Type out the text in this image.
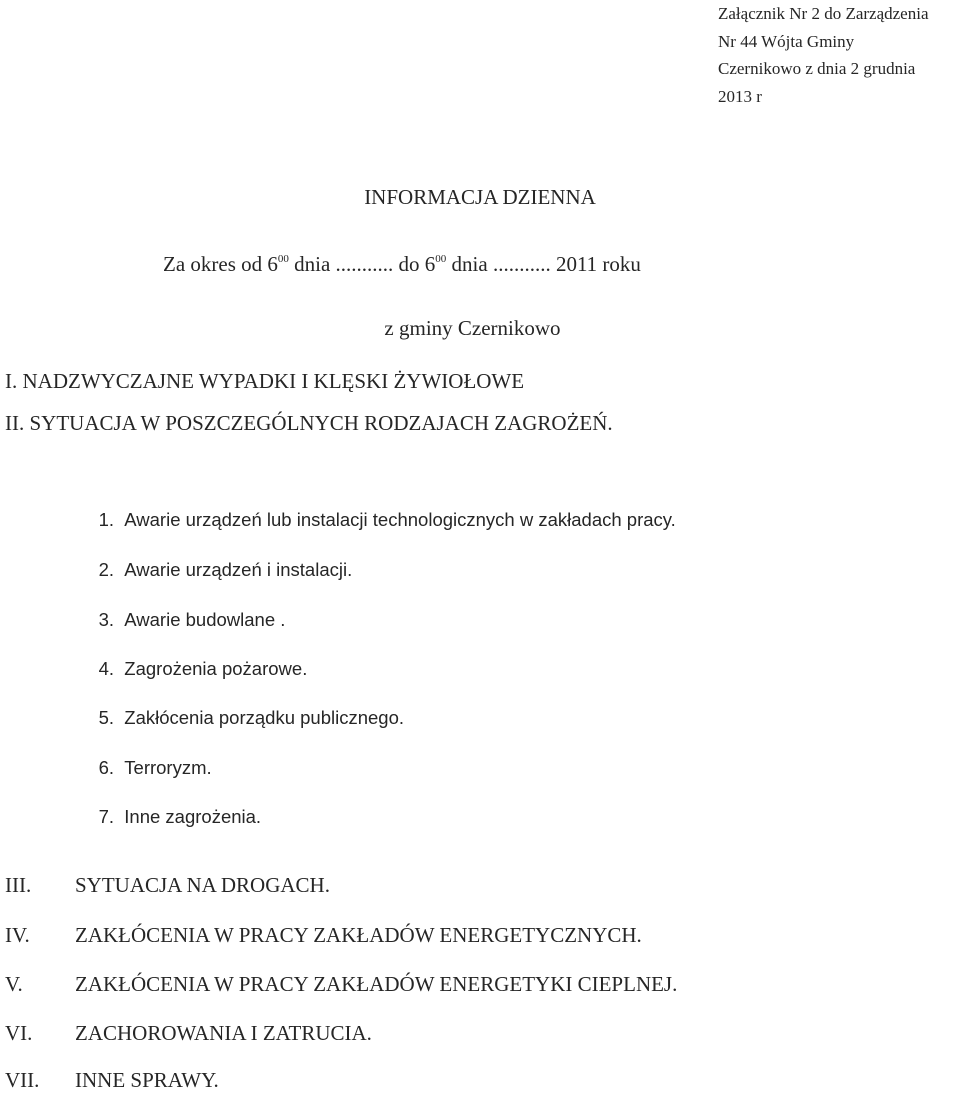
Załącznik Nr 2 do Zarządzenia
Nr 44 Wójta Gminy
Czernikowo z dnia 2 grudnia
2013 r
INFORMACJA DZIENNA
Za okres od $6^{00}$ dnia ........... do $6^{00}$ dnia ........... 2011 roku
z gminy Czernikowo
I. NADZWYCZAJNE WYPADKI I KLĘSKI ŻYWIOŁOWE
II. SYTUACJA W POSZCZEGÓLNYCH RODZAJACH ZAGROŻEŃ.
1. Awarie urządzeń lub instalacji technologicznych w zakładach pracy.
2. Awarie urządzeń i instalacji.
3. Awarie budowlane .
4. Zagrożenia pożarowe.
5. Zakłócenia porządku publicznego.
6. Terroryzm.
7. Inne zagrożenia.
III. SYTUACJA NA DROGACH.
IV. ZAKŁÓCENIA W PRACY ZAKŁADÓW ENERGETYCZNYCH.
V. ZAKŁÓCENIA W PRACY ZAKŁADÓW ENERGETYKI CIEPLNEJ.
VI. ZACHOROWANIA I ZATRUCIA.
VII. INNE SPRAWY.
